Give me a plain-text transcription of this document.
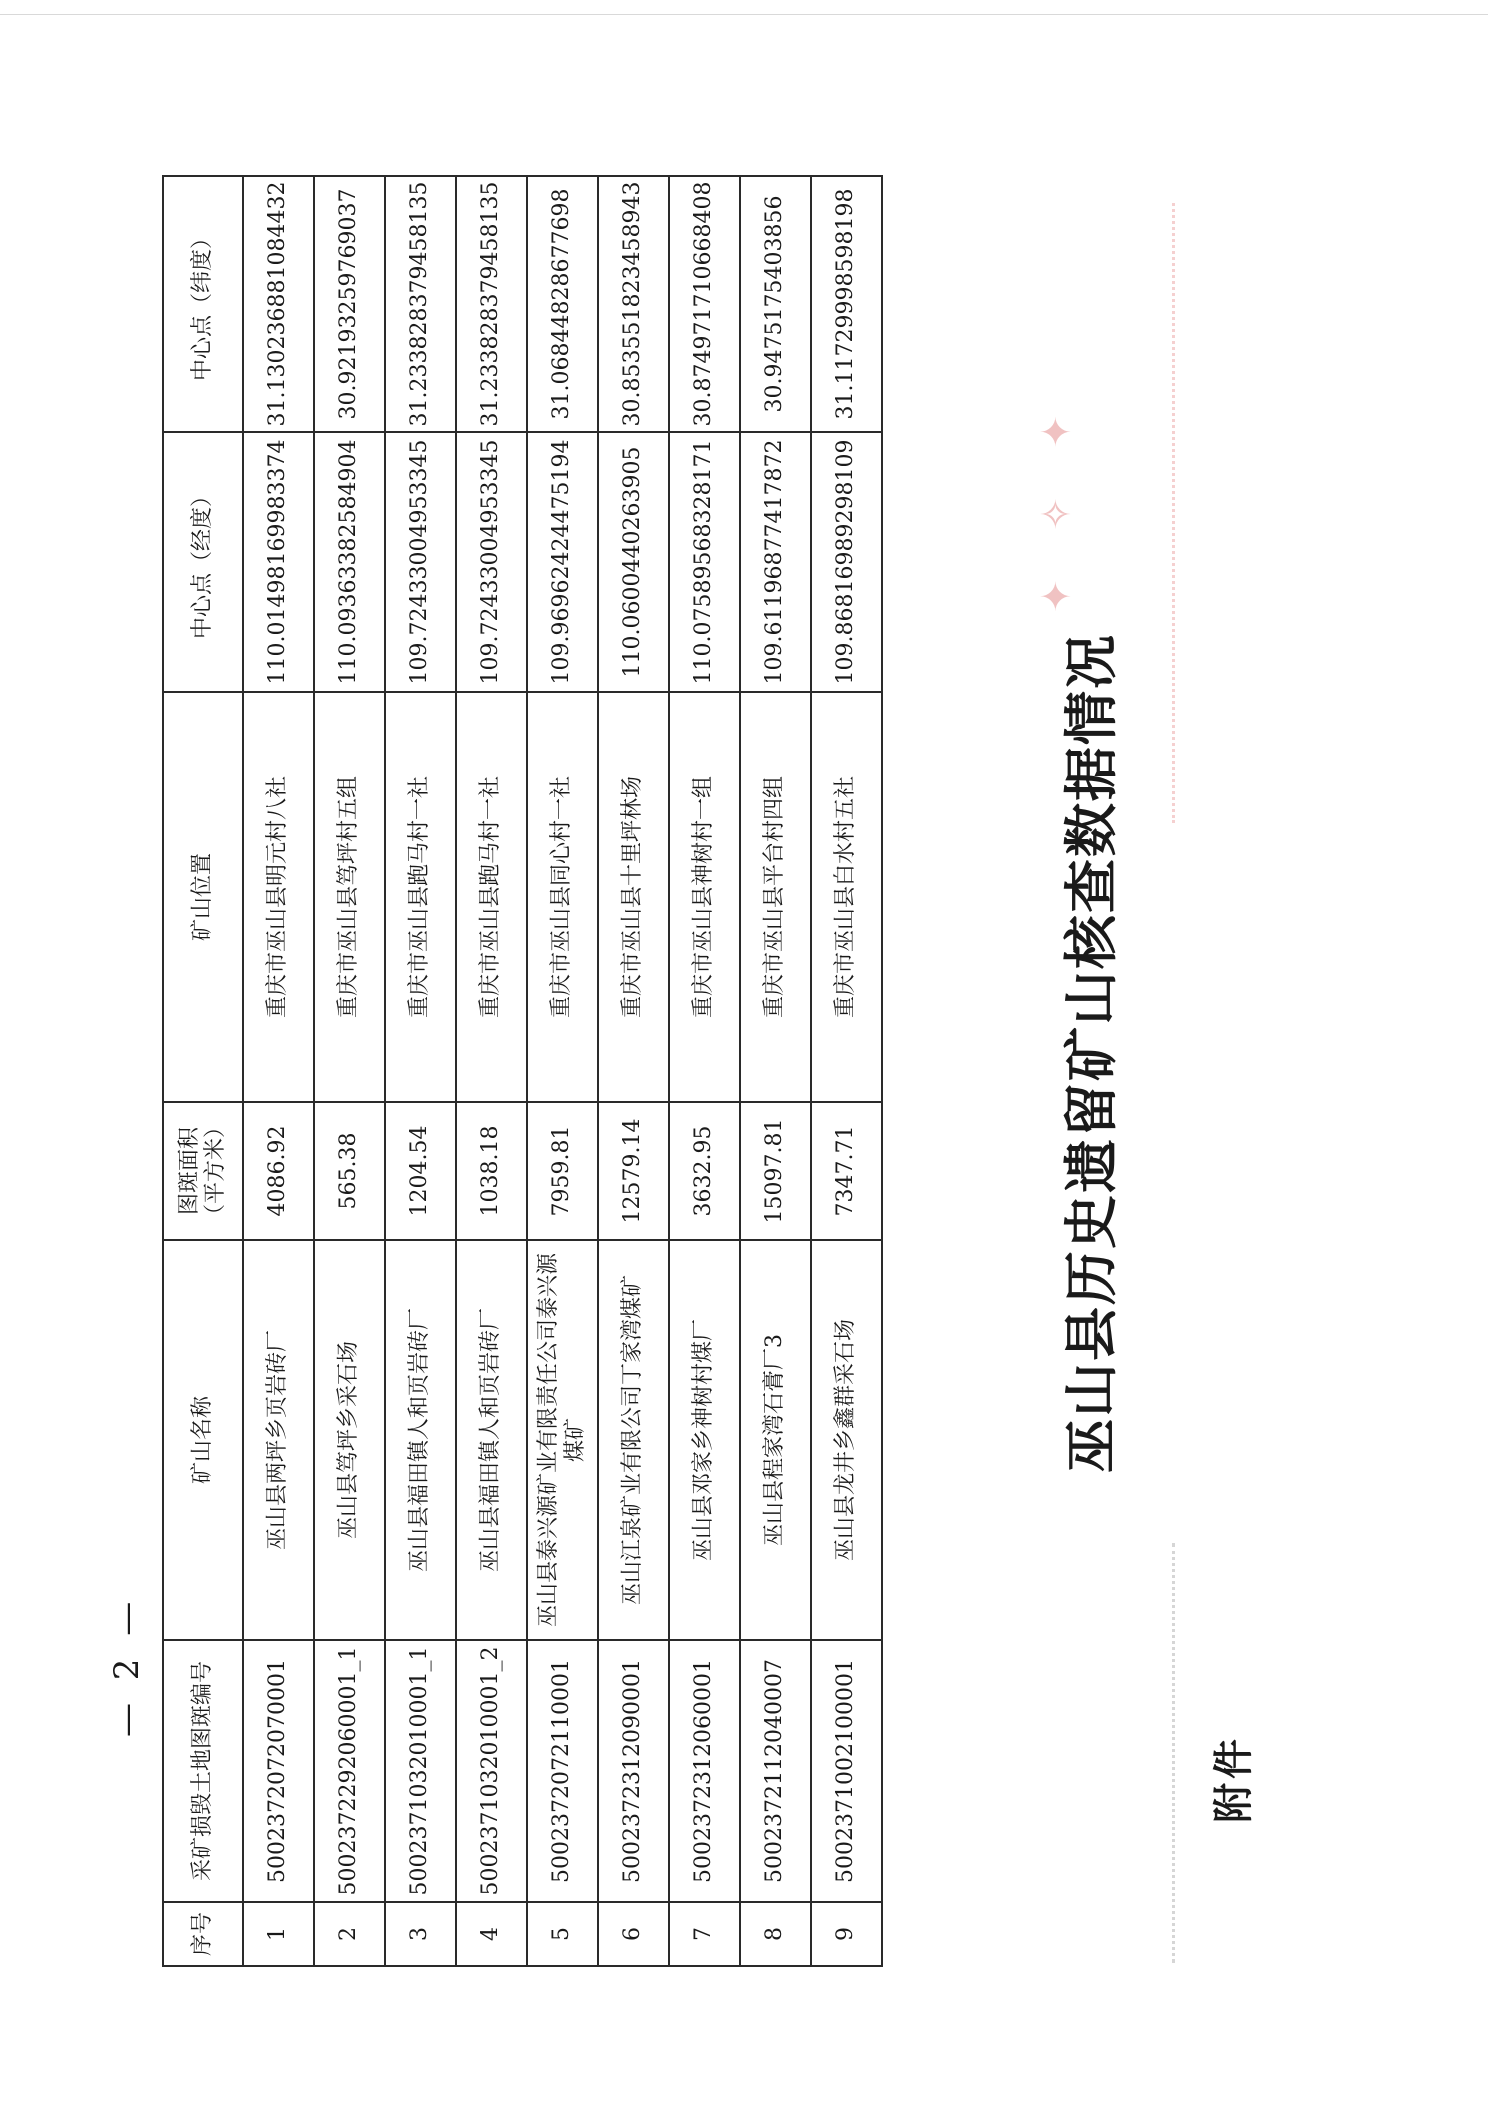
✦ ✧ ✦
附件
巫山县历史遗留矿山核查数据情况
序号	采矿损毁土地图斑编号	矿山名称	图斑面积（平方米）	矿山位置	中心点（经度）	中心点（纬度）
1	500237207207000​1	巫山县两坪乡页岩砖厂	4086.92	重庆市巫山县明元村八社	110.0149816998​3374	31.13023688108​4432
2	500237229206000​1_1	巫山县笃坪乡采石场	565.38	重庆市巫山县笃坪村五组	110.0936338258​4904	30.92193259769​037
3	500237103201000​1_1	巫山县福田镇人和页岩砖厂	1204.54	重庆市巫山县跑马村一社	109.7243300495​3345	31.23382837945​8135
4	500237103201000​1_2	巫山县福田镇人和页岩砖厂	1038.18	重庆市巫山县跑马村一社	109.7243300495​3345	31.23382837945​8135
5	500237207211000​1	巫山县泰兴源矿业有限责任公司泰兴源煤矿	7959.81	重庆市巫山县同心村一社	109.9696242447​5194	31.06844828677​698
6	500237231209000​1	巫山江泉矿业有限公司丁家湾煤矿	12579.14	重庆市巫山县十里坪林场	110.0600440263​905	30.85355182345​8943
7	500237231206000​1	巫山县邓家乡神树村煤厂	3632.95	重庆市巫山县神树村一组	110.0758956832​8171	30.87497171066​8408
8	500237211204000​7	巫山县程家湾石膏厂3	15097.81	重庆市巫山县平台村四组	109.6119687741​7872	30.94751754038​56
9	500237100210000​1	巫山县龙井乡鑫群采石场	7347.71	重庆市巫山县白水村五社	109.8681698929​8109	31.11729998598​198
— 2 —
